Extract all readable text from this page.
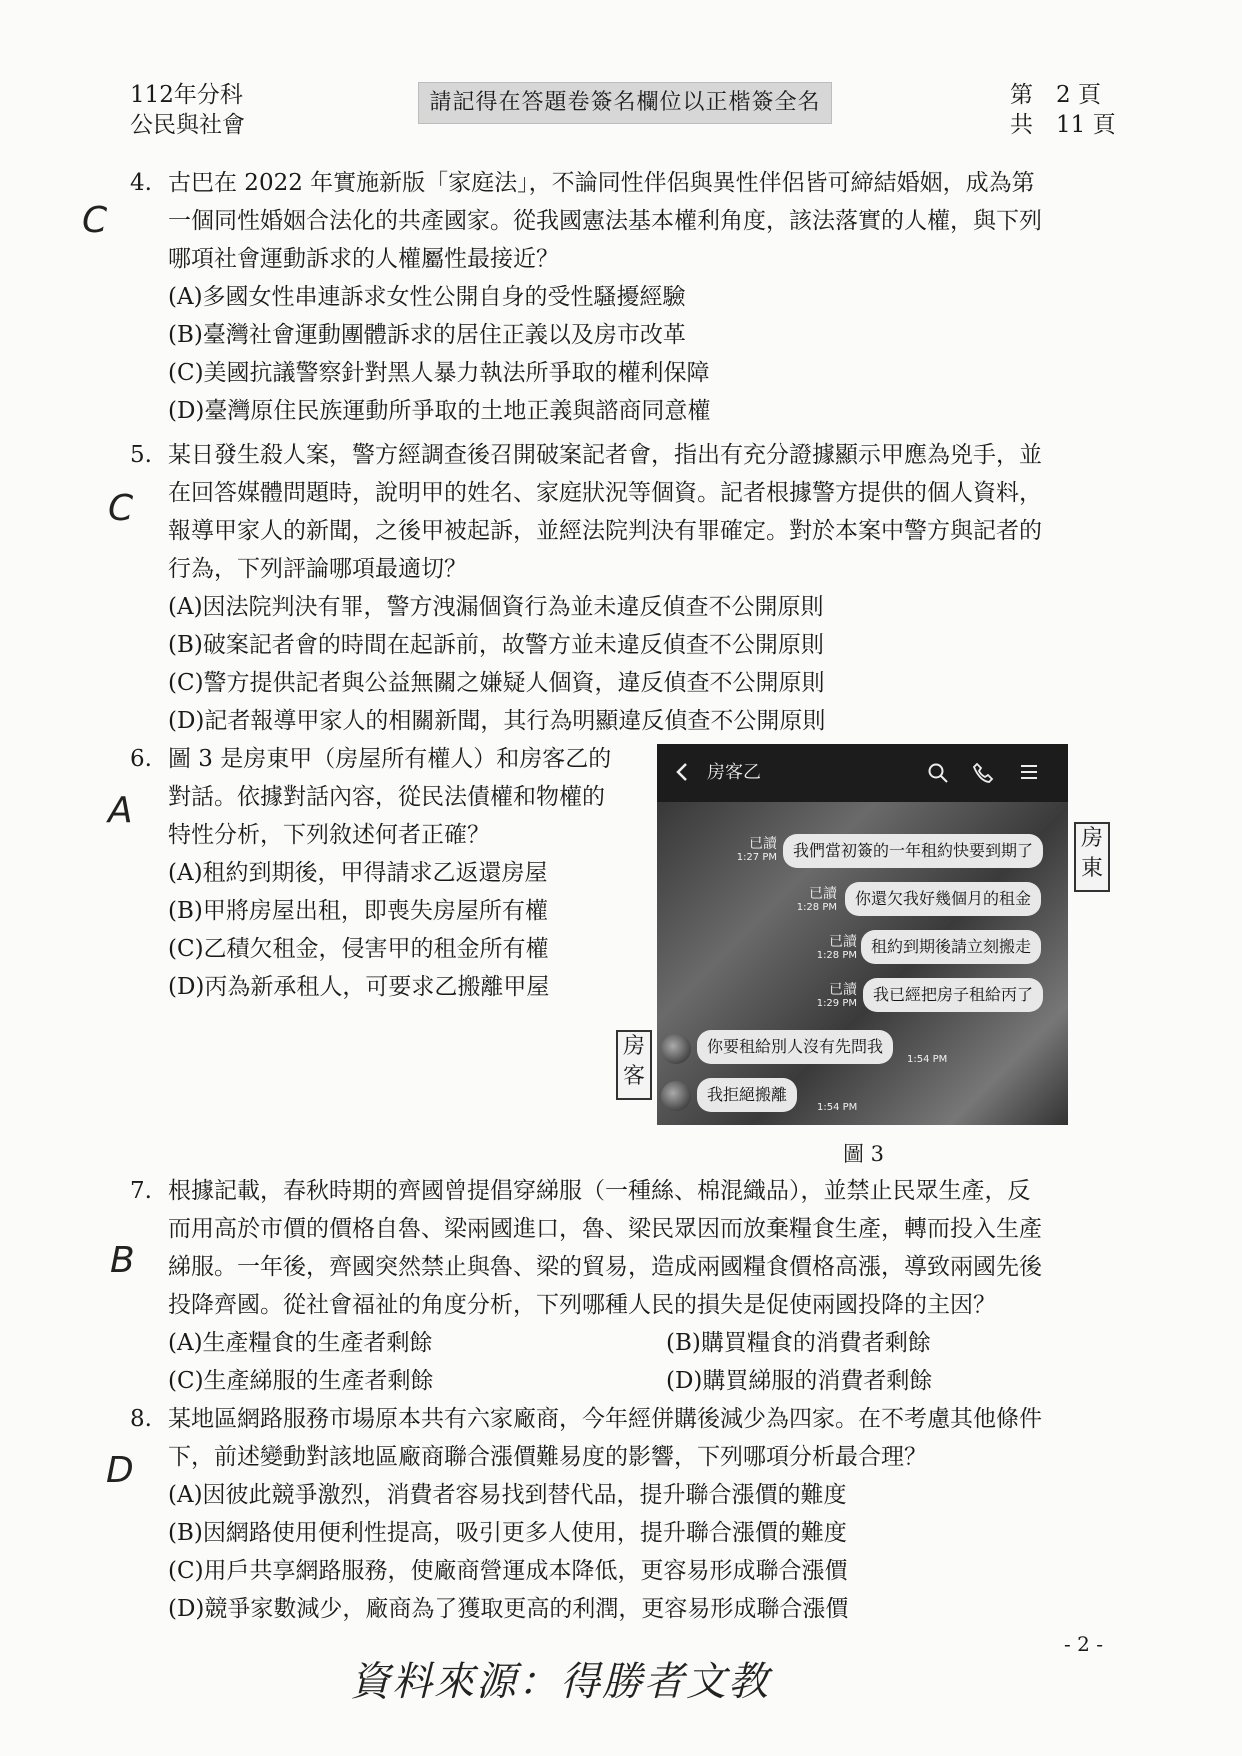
112年分科
公民與社會
請記得在答題卷簽名欄位以正楷簽全名	第　2 頁
共　11 頁
4.
C
古巴在 2022 年實施新版「家庭法」，不論同性伴侶與異性伴侶皆可締結婚姻，成為第
一個同性婚姻合法化的共產國家。從我國憲法基本權利角度，該法落實的人權，與下列
哪項社會運動訴求的人權屬性最接近？
(A)多國女性串連訴求女性公開自身的受性騷擾經驗
(B)臺灣社會運動團體訴求的居住正義以及房市改革
(C)美國抗議警察針對黑人暴力執法所爭取的權利保障
(D)臺灣原住民族運動所爭取的土地正義與諮商同意權
5.
C
某日發生殺人案，警方經調查後召開破案記者會，指出有充分證據顯示甲應為兇手，並
在回答媒體問題時，說明甲的姓名、家庭狀況等個資。記者根據警方提供的個人資料，
報導甲家人的新聞，之後甲被起訴，並經法院判決有罪確定。對於本案中警方與記者的
行為，下列評論哪項最適切？
(A)因法院判決有罪，警方洩漏個資行為並未違反偵查不公開原則
(B)破案記者會的時間在起訴前，故警方並未違反偵查不公開原則
(C)警方提供記者與公益無關之嫌疑人個資，違反偵查不公開原則
(D)記者報導甲家人的相關新聞，其行為明顯違反偵查不公開原則
6.
A
圖 3 是房東甲（房屋所有權人）和房客乙的
對話。依據對話內容，從民法債權和物權的
特性分析，下列敘述何者正確？
(A)租約到期後，甲得請求乙返還房屋
(B)甲將房屋出租，即喪失房屋所有權
(C)乙積欠租金，侵害甲的租金所有權
(D)丙為新承租人，可要求乙搬離甲屋
房客乙
已讀
1:27 PM	我們當初簽的一年租約快要到期了
已讀
1:28 PM	你還欠我好幾個月的租金
已讀
1:28 PM 租約到期後請立刻搬走
已讀
1:29 PM	我已經把房子租給丙了
你要租給別人沒有先問我
1:54 PM
我拒絕搬離
1:54 PM
房東
房客
圖 3
7.
B
根據記載，春秋時期的齊國曾提倡穿綈服（一種絲、棉混織品），並禁止民眾生產，反
而用高於市價的價格自魯、梁兩國進口，魯、梁民眾因而放棄糧食生產，轉而投入生產
綈服。一年後，齊國突然禁止與魯、梁的貿易，造成兩國糧食價格高漲，導致兩國先後
投降齊國。從社會福祉的角度分析，下列哪種人民的損失是促使兩國投降的主因？
(A)生產糧食的生產者剩餘	(B)購買糧食的消費者剩餘
(C)生產綈服的生產者剩餘	(D)購買綈服的消費者剩餘
8.
D
某地區網路服務市場原本共有六家廠商，今年經併購後減少為四家。在不考慮其他條件
下，前述變動對該地區廠商聯合漲價難易度的影響，下列哪項分析最合理？
(A)因彼此競爭激烈，消費者容易找到替代品，提升聯合漲價的難度
(B)因網路使用便利性提高，吸引更多人使用，提升聯合漲價的難度
(C)用戶共享網路服務，使廠商營運成本降低，更容易形成聯合漲價
(D)競爭家數減少，廠商為了獲取更高的利潤，更容易形成聯合漲價
- 2 -
資料來源：得勝者文教
